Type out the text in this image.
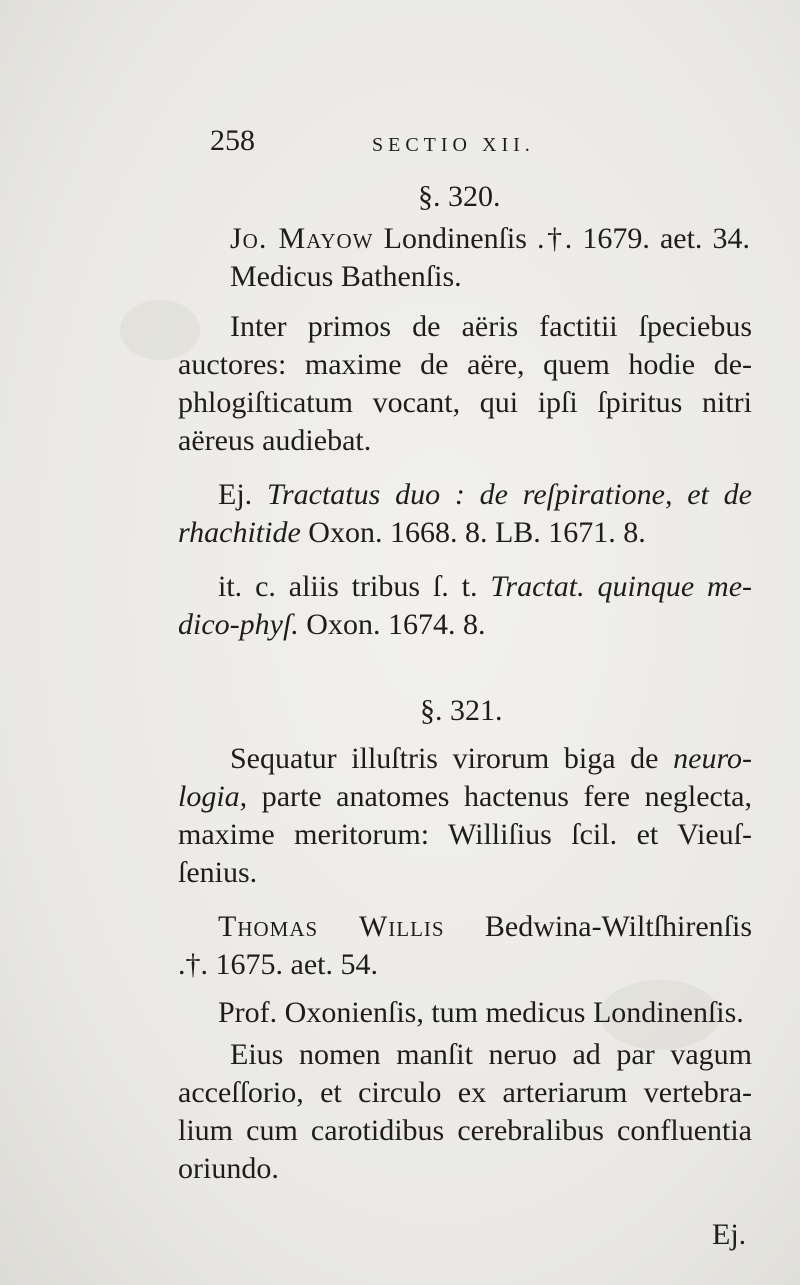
258	SECTIO XII.
§. 320.
Jo. Mayow Londinenſis .†. 1679. aet. 34.
Medicus Bathenſis.
Inter primos de aëris factitii ſpeciebus
auctores: maxime de aëre, quem hodie de-
phlogiſticatum vocant, qui ipſi ſpiritus nitri
aëreus audiebat.
Ej. Tractatus duo : de reſpiratione, et de
rhachitide Oxon. 1668. 8. LB. 1671. 8.
it. c. aliis tribus ſ. t. Tractat. quinque me-
dico-phyſ. Oxon. 1674. 8.
§. 321.
Sequatur illuſtris virorum biga de neuro-
logia, parte anatomes hactenus fere neglecta,
maxime meritorum: Williſius ſcil. et Vieuſ-
ſenius.
Thomas Willis Bedwina-Wiltſhirenſis
.†. 1675. aet. 54.
Prof. Oxonienſis, tum medicus Londinenſis.
Eius nomen manſit neruo ad par vagum
acceſſorio, et circulo ex arteriarum vertebra-
lium cum carotidibus cerebralibus confluentia
oriundo.
Ej.
